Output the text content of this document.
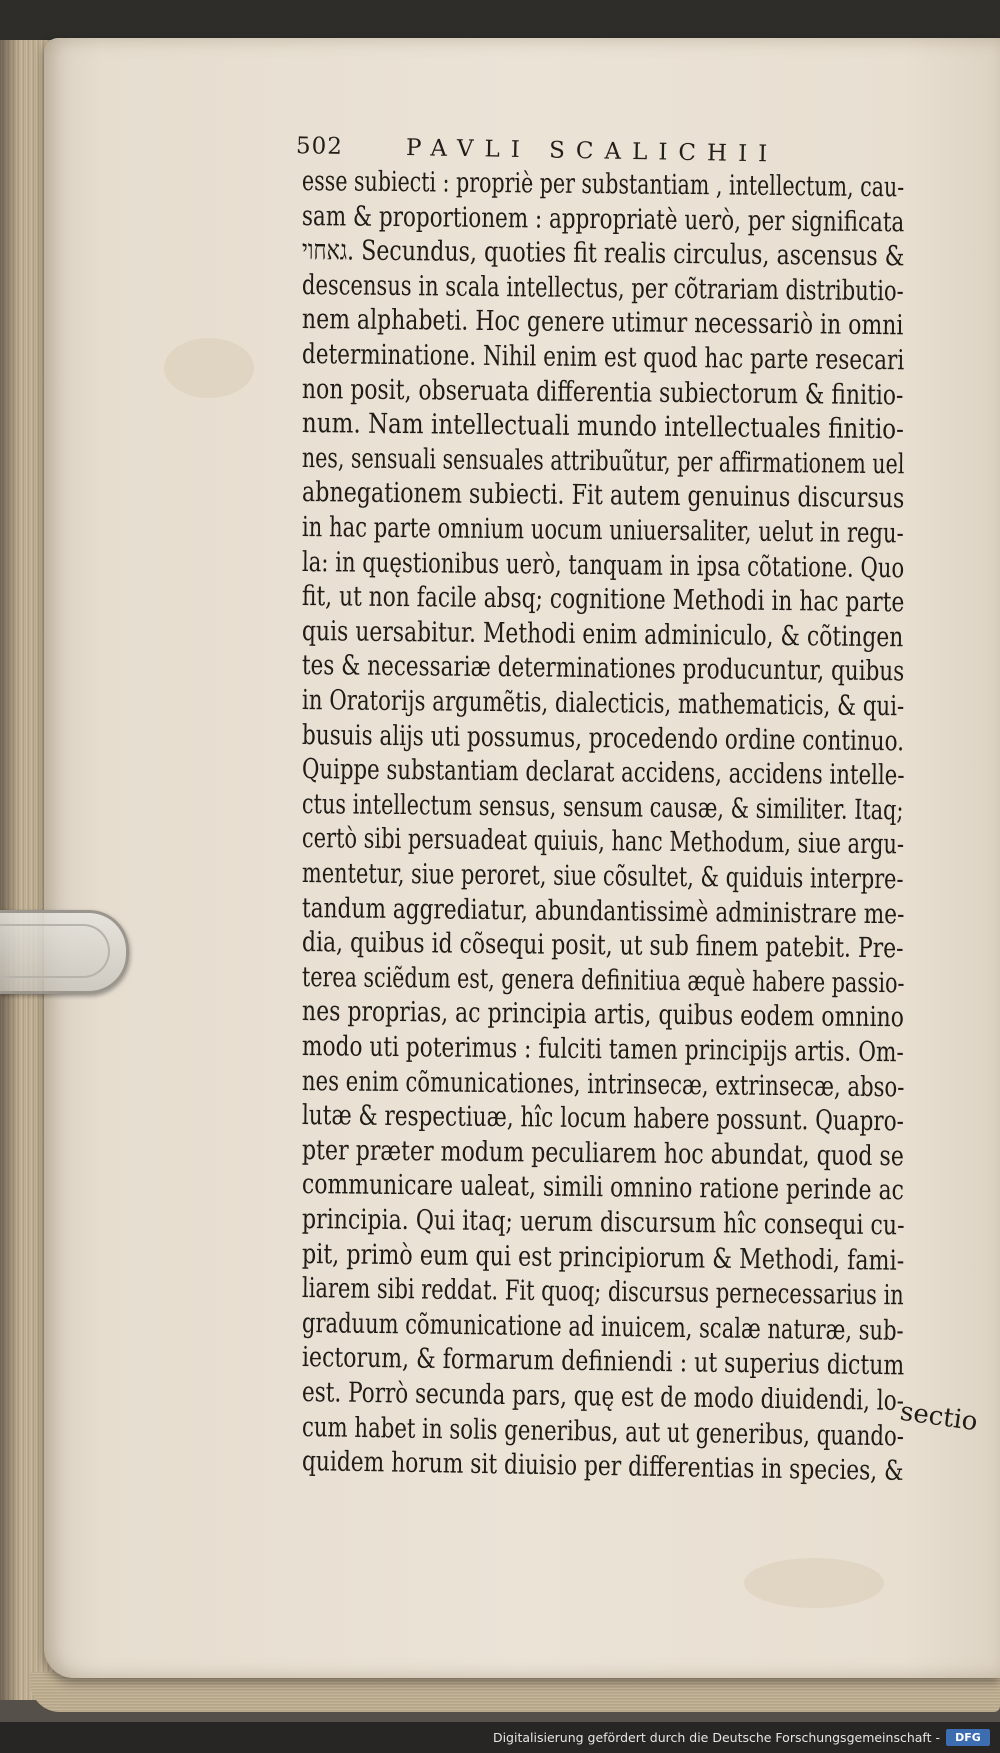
502	PAVLI SCALICHII
esse subiecti : propriè per substantiam , intellectum, cau-
sam & proportionem : appropriatè uerò, per significata
גאחוי. Secundus, quoties fit realis circulus, ascensus &
descensus in scala intellectus, per cõtrariam distributio-
nem alphabeti. Hoc genere utimur necessariò in omni
determinatione. Nihil enim est quod hac parte resecari
non posit, obseruata differentia subiectorum & finitio-
num. Nam intellectuali mundo intellectuales finitio-
nes, sensuali sensuales attribuũtur, per affirmationem uel
abnegationem subiecti. Fit autem genuinus discursus
in hac parte omnium uocum uniuersaliter, uelut in regu-
la: in quęstionibus uerò, tanquam in ipsa cõtatione. Quo
fit, ut non facile absq; cognitione Methodi in hac parte
quis uersabitur. Methodi enim adminiculo, & cõtingen
tes & necessariæ determinationes producuntur, quibus
in Oratorijs argumẽtis, dialecticis, mathematicis, & qui-
busuis alijs uti possumus, procedendo ordine continuo.
Quippe substantiam declarat accidens, accidens intelle-
ctus intellectum sensus, sensum causæ, & similiter. Itaq;
certò sibi persuadeat quiuis, hanc Methodum, siue argu-
mentetur, siue peroret, siue cõsultet, & quiduis interpre-
tandum aggrediatur, abundantissimè administrare me-
dia, quibus id cõsequi posit, ut sub finem patebit. Pre-
terea sciẽdum est, genera definitiua æquè habere passio-
nes proprias, ac principia artis, quibus eodem omnino
modo uti poterimus : fulciti tamen principijs artis. Om-
nes enim cõmunicationes, intrinsecæ, extrinsecæ, abso-
lutæ & respectiuæ, hîc locum habere possunt. Quapro-
pter præter modum peculiarem hoc abundat, quod se
communicare ualeat, simili omnino ratione perinde ac
principia. Qui itaq; uerum discursum hîc consequi cu-
pit, primò eum qui est principiorum & Methodi, fami-
liarem sibi reddat. Fit quoq; discursus pernecessarius in
graduum cõmunicatione ad inuicem, scalæ naturæ, sub-
iectorum, & formarum definiendi : ut superius dictum
est. Porrò secunda pars, quę est de modo diuidendi, lo-
cum habet in solis generibus, aut ut generibus, quando-
quidem horum sit diuisio per differentias in species, &
sectio
Digitalisierung gefördert durch die Deutsche Forschungsgemeinschaft -	DFG
